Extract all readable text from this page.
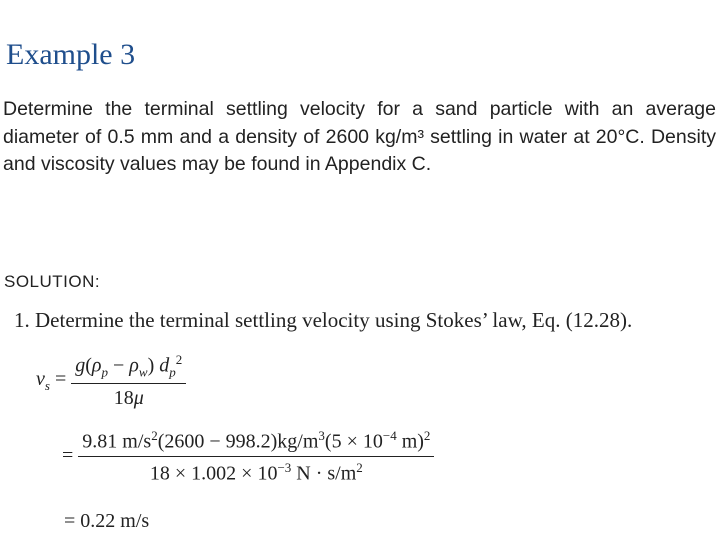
Example 3
Determine the terminal settling velocity for a sand particle with an average diameter of 0.5 mm and a density of 2600 kg/m³ settling in water at 20°C. Density and viscosity values may be found in Appendix C.
SOLUTION:
1. Determine the terminal settling velocity using Stokes’ law, Eq. (12.28).
$v_s = \frac{g(\rho_p - \rho_w) d_p^2}{18\mu}$
= $\frac{9.81 m/s^2(2600 - 998.2)kg/m^3(5 \times 10^{-4} m)^2}{18 \times 1.002 \times 10^{-3} N \cdot s/m^2}$
= 0.22 m/s
